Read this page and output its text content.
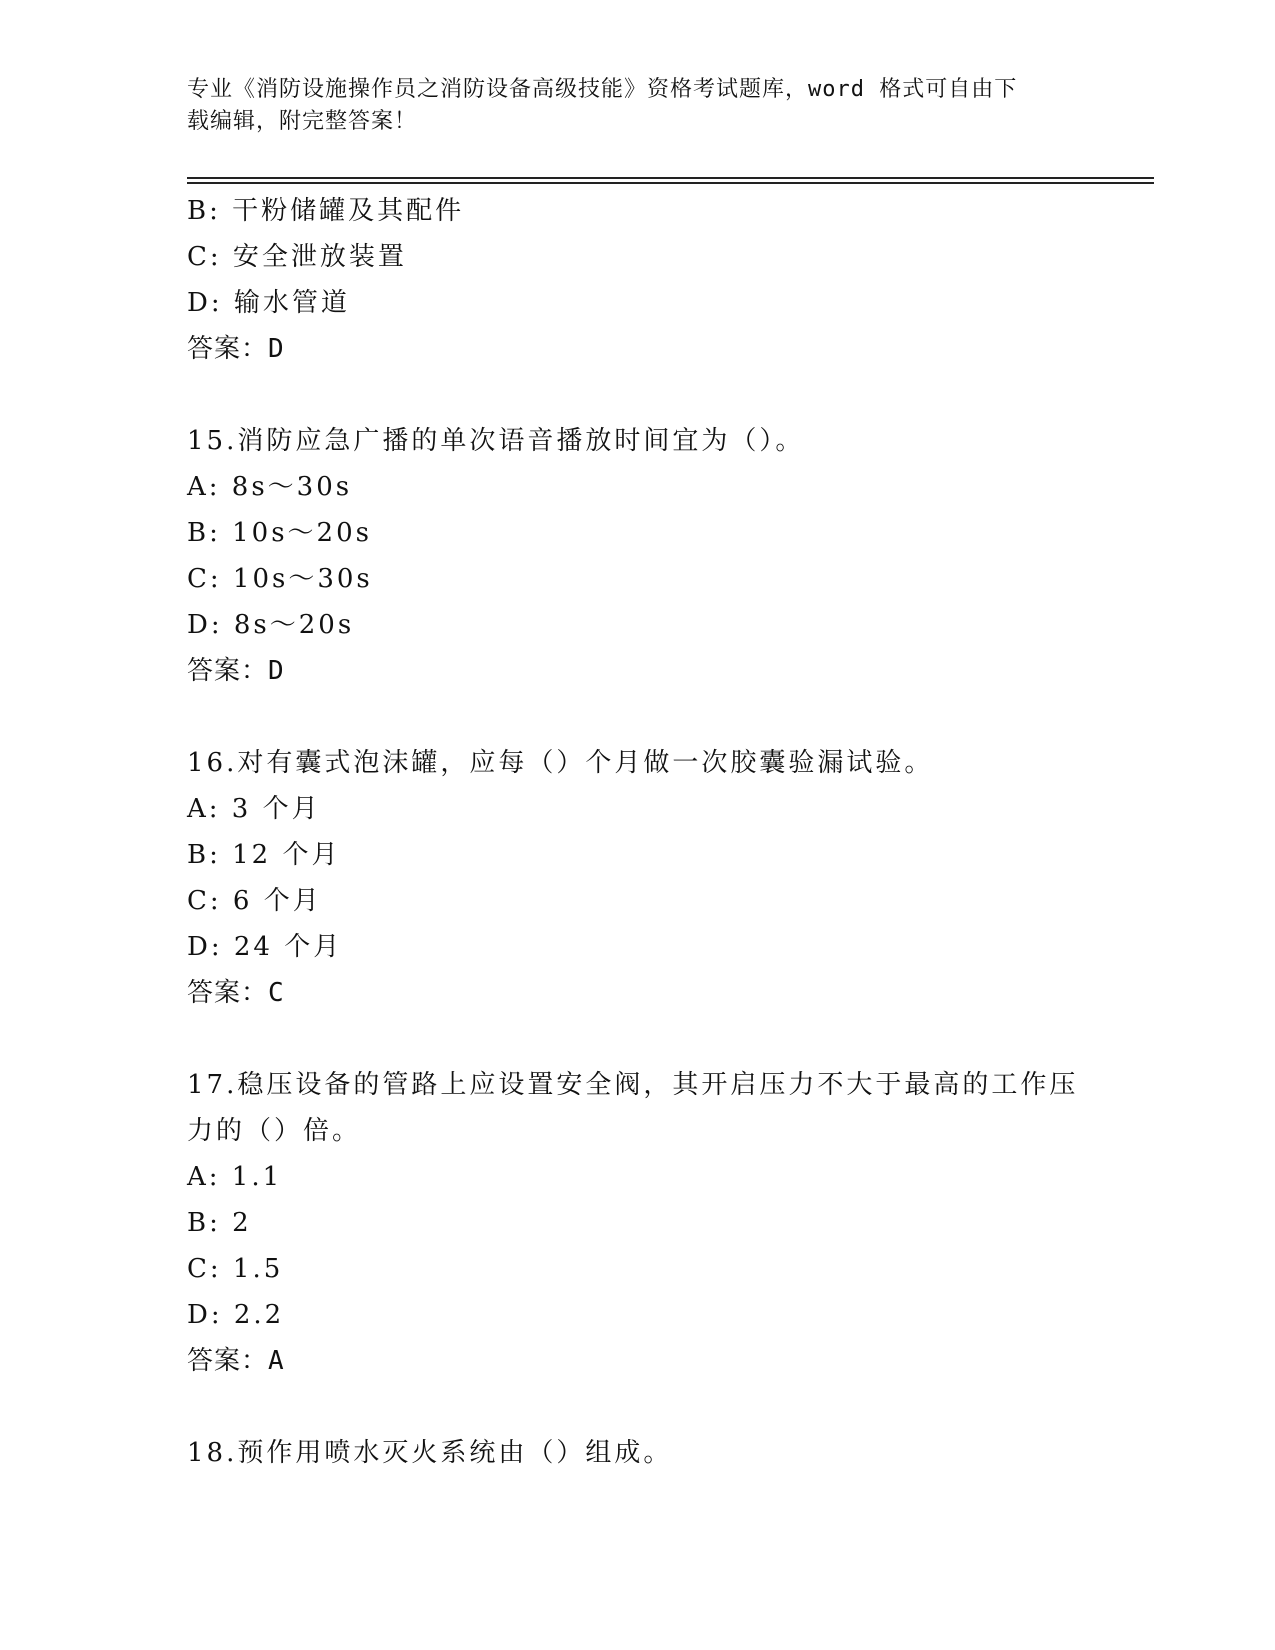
专业《消防设施操作员之消防设备高级技能》资格考试题库，word 格式可自由下
载编辑，附完整答案！
B: 干粉储罐及其配件
C: 安全泄放装置
D: 输水管道
答案：D
15.消防应急广播的单次语音播放时间宜为（）。
A: 8s～30s
B: 10s～20s
C: 10s～30s
D: 8s～20s
答案：D
16.对有囊式泡沫罐，应每（）个月做一次胶囊验漏试验。
A: 3 个月
B: 12 个月
C: 6 个月
D: 24 个月
答案：C
17.稳压设备的管路上应设置安全阀，其开启压力不大于最高的工作压
力的（）倍。
A: 1.1
B: 2
C: 1.5
D: 2.2
答案：A
18.预作用喷水灭火系统由（）组成。
